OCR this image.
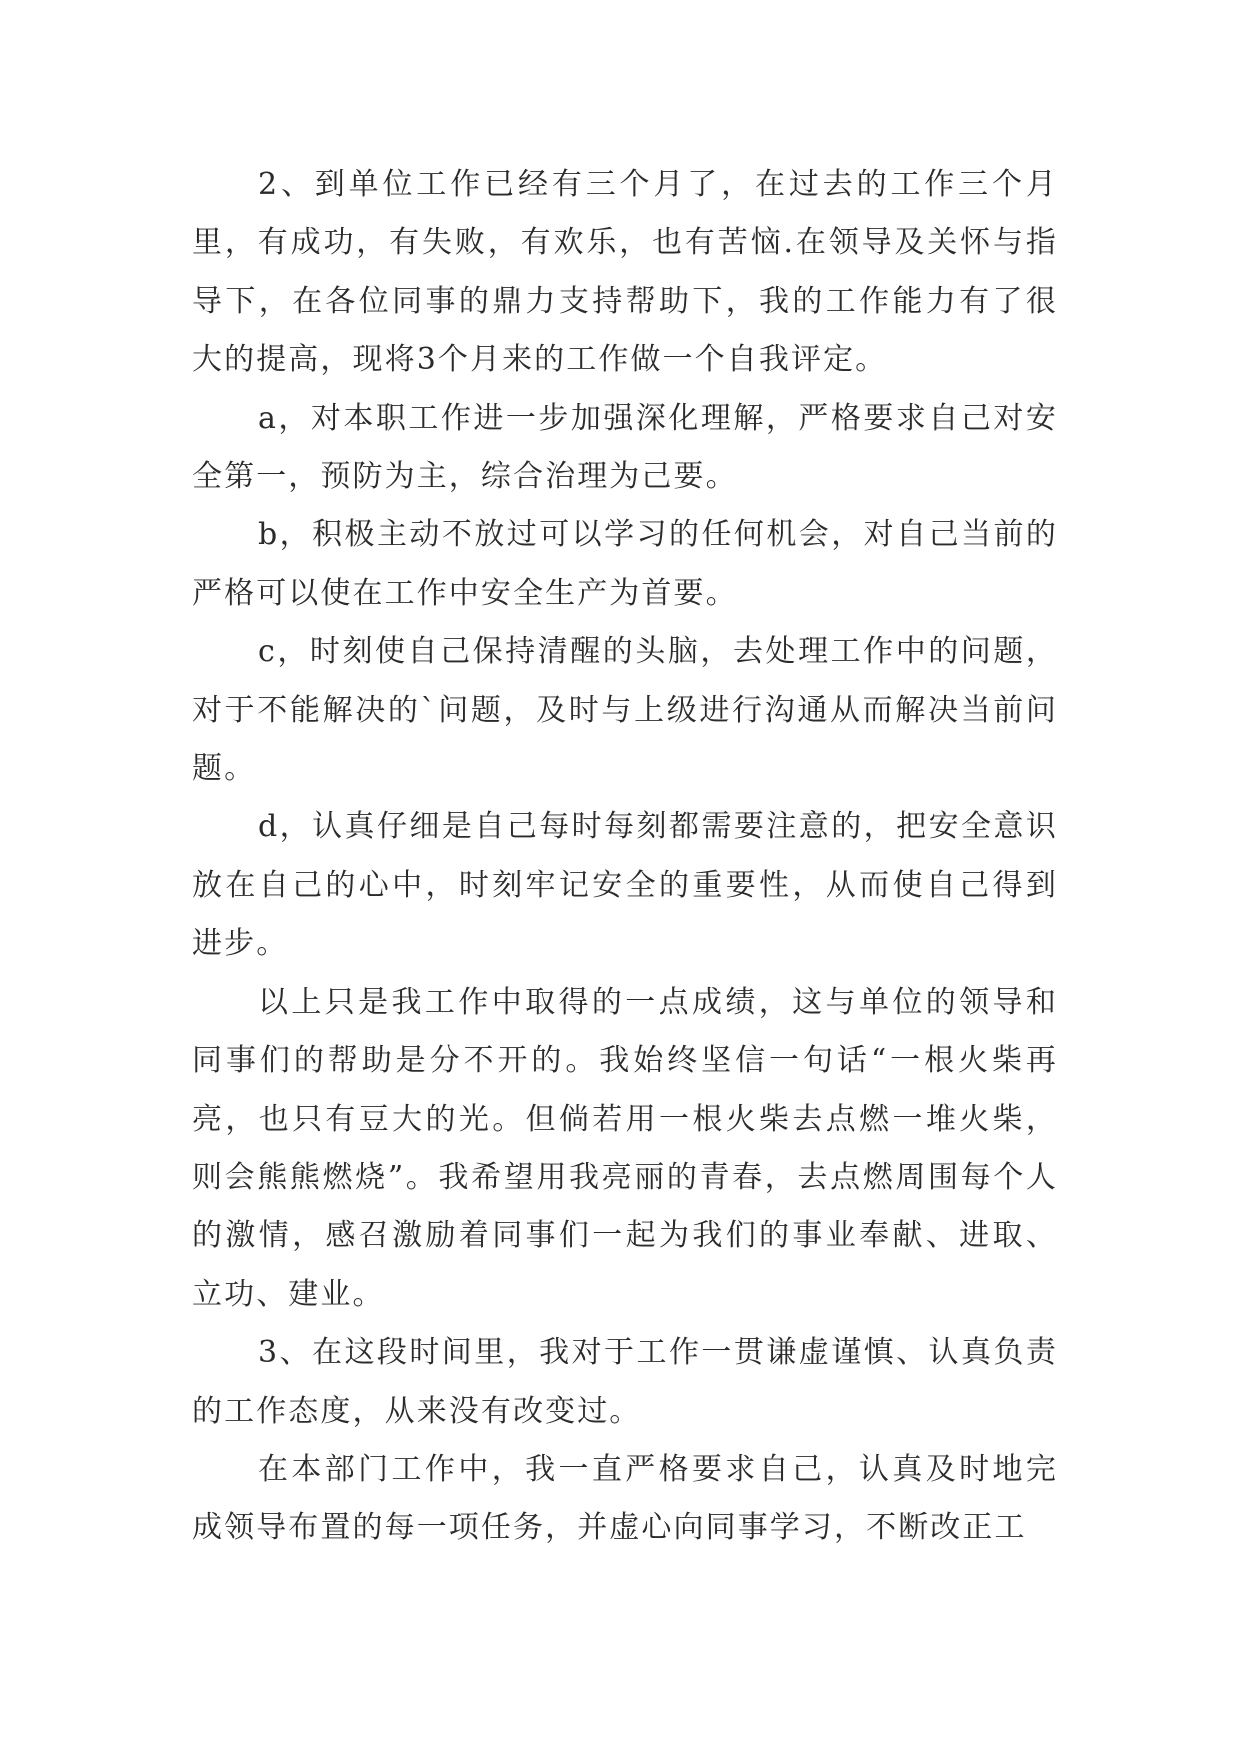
2、到单位工作已经有三个月了，在过去的工作三个月里，有成功，有失败，有欢乐，也有苦恼.在领导及关怀与指导下，在各位同事的鼎力支持帮助下，我的工作能力有了很大的提高，现将3个月来的工作做一个自我评定。

a，对本职工作进一步加强深化理解，严格要求自己对安全第一，预防为主，综合治理为己要。

b，积极主动不放过可以学习的任何机会，对自己当前的严格可以使在工作中安全生产为首要。

c，时刻使自己保持清醒的头脑，去处理工作中的问题，对于不能解决的`问题，及时与上级进行沟通从而解决当前问题。

d，认真仔细是自己每时每刻都需要注意的，把安全意识放在自己的心中，时刻牢记安全的重要性，从而使自己得到进步。

以上只是我工作中取得的一点成绩，这与单位的领导和同事们的帮助是分不开的。我始终坚信一句话“一根火柴再亮，也只有豆大的光。但倘若用一根火柴去点燃一堆火柴，则会熊熊燃烧”。我希望用我亮丽的青春，去点燃周围每个人的激情，感召激励着同事们一起为我们的事业奉献、进取、立功、建业。

3、在这段时间里，我对于工作一贯谦虚谨慎、认真负责的工作态度，从来没有改变过。

在本部门工作中，我一直严格要求自己，认真及时地完成领导布置的每一项任务，并虚心向同事学习，不断改正工
